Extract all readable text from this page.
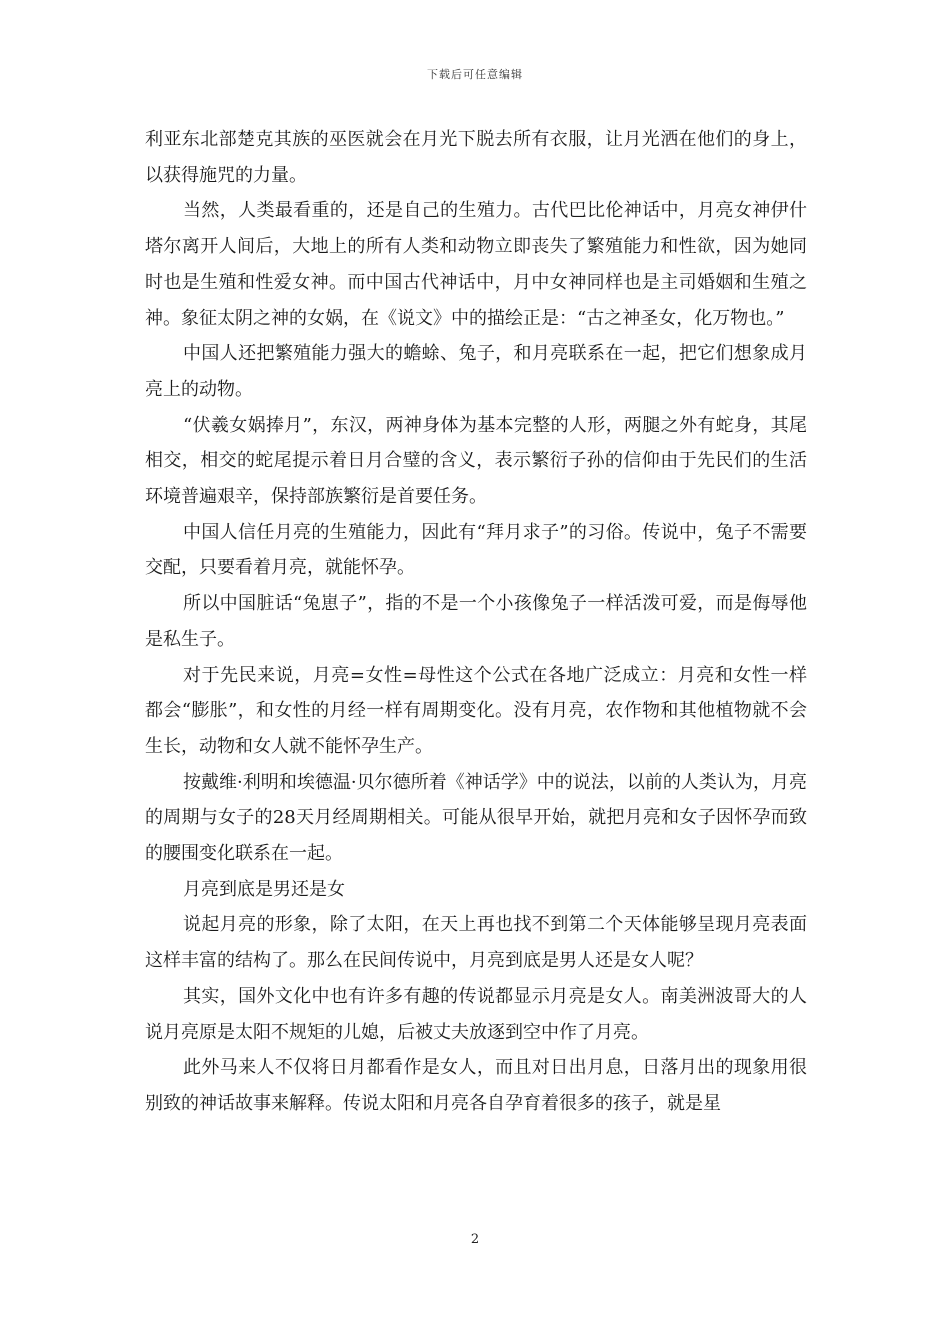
下载后可任意编辑

利亚东北部楚克其族的巫医就会在月光下脱去所有衣服，让月光洒在他们的身上，以获得施咒的力量。

当然，人类最看重的，还是自己的生殖力。古代巴比伦神话中，月亮女神伊什塔尔离开人间后，大地上的所有人类和动物立即丧失了繁殖能力和性欲，因为她同时也是生殖和性爱女神。而中国古代神话中，月中女神同样也是主司婚姻和生殖之神。象征太阴之神的女娲，在《说文》中的描绘正是：“古之神圣女，化万物也。”

中国人还把繁殖能力强大的蟾蜍、兔子，和月亮联系在一起，把它们想象成月亮上的动物。

“伏羲女娲捧月”，东汉，两神身体为基本完整的人形，两腿之外有蛇身，其尾相交，相交的蛇尾提示着日月合璧的含义，表示繁衍子孙的信仰由于先民们的生活环境普遍艰辛，保持部族繁衍是首要任务。

中国人信任月亮的生殖能力，因此有“拜月求子”的习俗。传说中，兔子不需要交配，只要看着月亮，就能怀孕。

所以中国脏话“兔崽子”，指的不是一个小孩像兔子一样活泼可爱，而是侮辱他是私生子。

对于先民来说，月亮=女性=母性这个公式在各地广泛成立：月亮和女性一样都会“膨胀”，和女性的月经一样有周期变化。没有月亮，农作物和其他植物就不会生长，动物和女人就不能怀孕生产。

按戴维·利明和埃德温·贝尔德所着《神话学》中的说法，以前的人类认为，月亮的周期与女子的28天月经周期相关。可能从很早开始，就把月亮和女子因怀孕而致的腰围变化联系在一起。

月亮到底是男还是女

说起月亮的形象，除了太阳，在天上再也找不到第二个天体能够呈现月亮表面这样丰富的结构了。那么在民间传说中，月亮到底是男人还是女人呢？

其实，国外文化中也有许多有趣的传说都显示月亮是女人。南美洲波哥大的人说月亮原是太阳不规矩的儿媳，后被丈夫放逐到空中作了月亮。

此外马来人不仅将日月都看作是女人，而且对日出月息，日落月出的现象用很别致的神话故事来解释。传说太阳和月亮各自孕育着很多的孩子，就是星

2
